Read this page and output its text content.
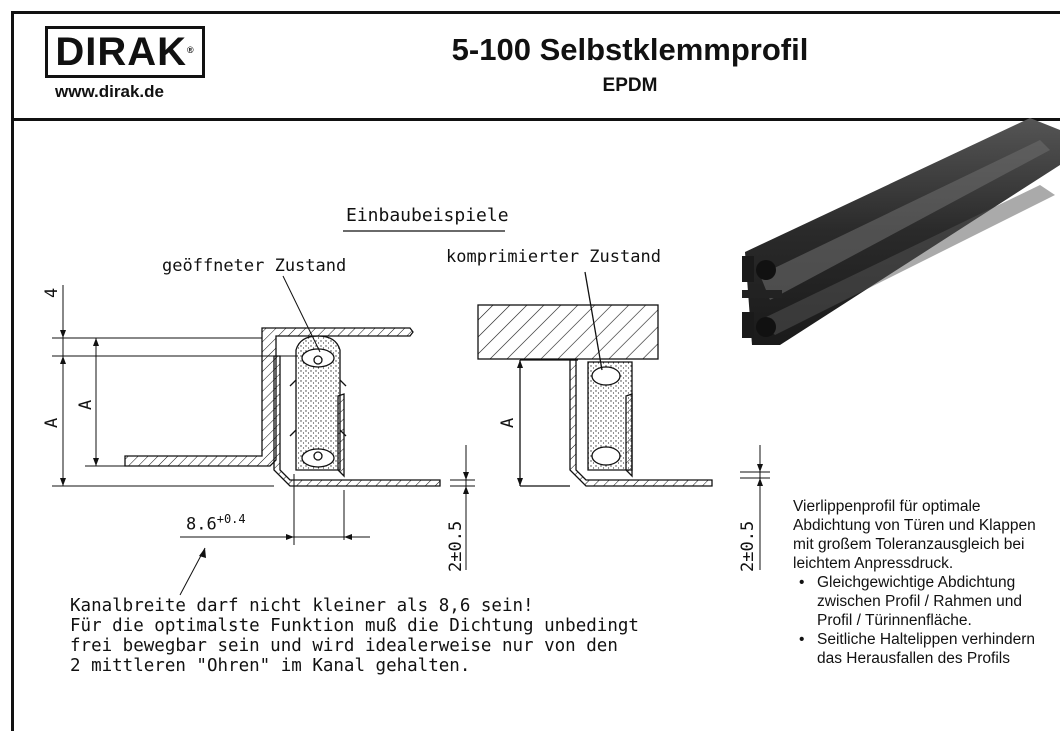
DIRAK®
www.dirak.de
5-100 Selbstklemmprofil
EPDM
Einbaubeispiele
geöffneter Zustand	komprimierter Zustand
4
A
A
A
$8.6^{+0.4}$
2±0.5	2±0.5
Kanalbreite darf nicht kleiner als 8,6 sein!
Für die optimalste Funktion muß die Dichtung unbedingt
frei bewegbar sein und wird idealerweise nur von den
2 mittleren "Ohren" im Kanal gehalten.
Vierlippenprofil für optimale Abdichtung von Türen und Klappen mit großem Toleranzausgleich bei leichtem Anpressdruck.
• Gleichgewichtige Abdichtung zwischen Profil / Rahmen und Profil / Türinnenfläche.
• Seitliche Haltelippen verhindern das Herausfallen des Profils
